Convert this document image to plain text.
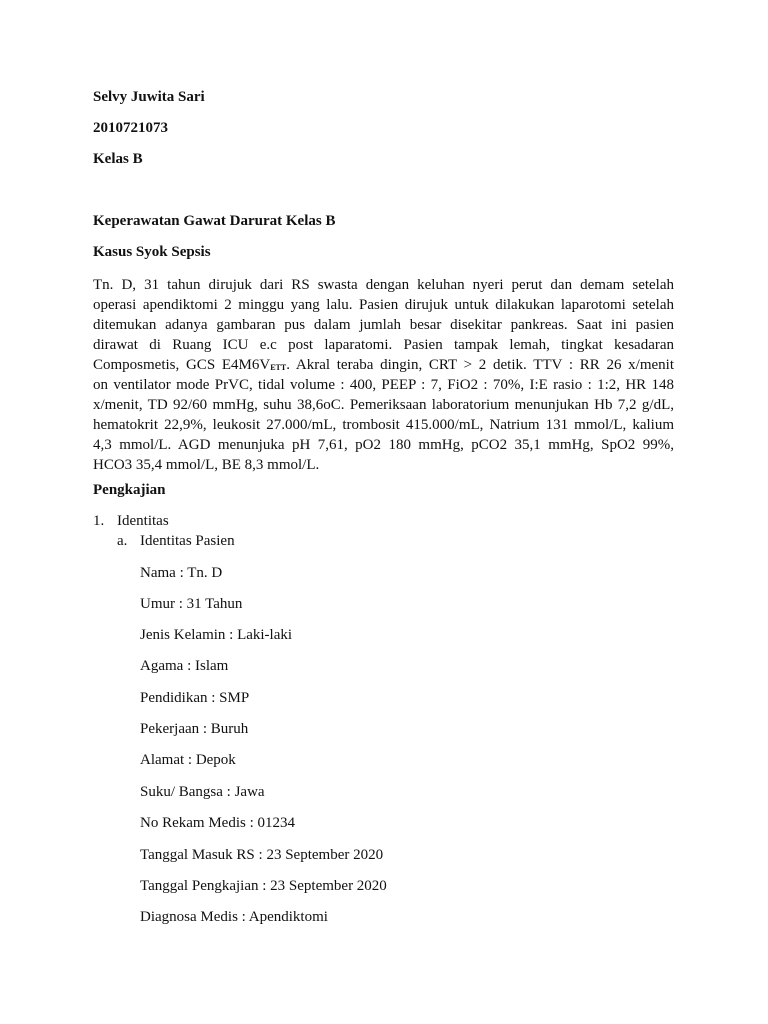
Selvy Juwita Sari
2010721073
Kelas B
Keperawatan Gawat Darurat Kelas B
Kasus Syok Sepsis
Tn. D, 31 tahun dirujuk dari RS swasta dengan keluhan nyeri perut dan demam setelah
operasi apendiktomi 2 minggu yang lalu. Pasien dirujuk untuk dilakukan laparotomi setelah
ditemukan adanya gambaran pus dalam jumlah besar disekitar pankreas. Saat ini pasien
dirawat di Ruang ICU e.c post laparatomi. Pasien tampak lemah, tingkat kesadaran
Composmetis, GCS $E4M6V_{ETT}$. Akral teraba dingin, CRT > 2 detik. TTV : RR 26 x/menit
on ventilator mode PrVC, tidal volume : 400, PEEP : 7, FiO2 : 70%, I:E rasio : 1:2, HR 148
x/menit, TD 92/60 mmHg, suhu 38,6oC. Pemeriksaan laboratorium menunjukan Hb 7,2 g/dL,
hematokrit 22,9%, leukosit 27.000/mL, trombosit 415.000/mL, Natrium 131 mmol/L, kalium
4,3 mmol/L. AGD menunjuka pH 7,61, pO2 180 mmHg, pCO2 35,1 mmHg, SpO2 99%,
HCO3 35,4 mmol/L, BE 8,3 mmol/L.
Pengkajian
1. Identitas
a. Identitas Pasien
Nama : Tn. D
Umur : 31 Tahun
Jenis Kelamin : Laki-laki
Agama : Islam
Pendidikan : SMP
Pekerjaan : Buruh
Alamat : Depok
Suku/ Bangsa : Jawa
No Rekam Medis : 01234
Tanggal Masuk RS : 23 September 2020
Tanggal Pengkajian : 23 September 2020
Diagnosa Medis : Apendiktomi
